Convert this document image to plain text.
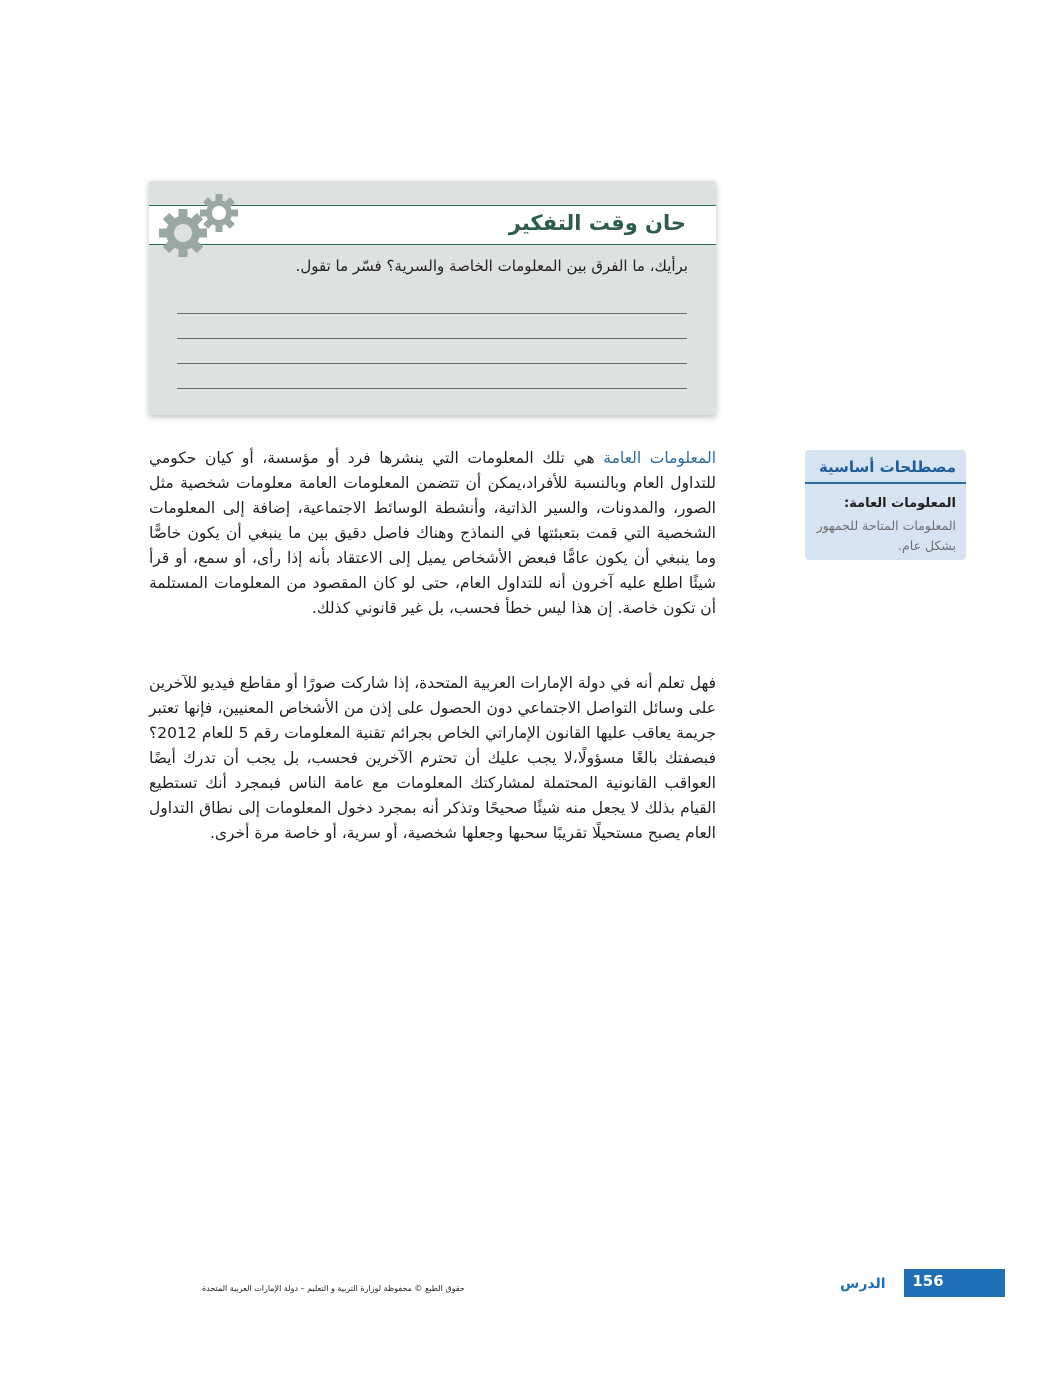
حان وقت التفكير
برأيك، ما الفرق بين المعلومات الخاصة والسرية؟ فسّر ما تقول.

المعلومات العامة هي تلك المعلومات التي ينشرها فرد أو مؤسسة، أو كيان حكومي للتداول العام وبالنسبة للأفراد،يمكن أن تتضمن المعلومات العامة معلومات شخصية مثل الصور، والمدونات، والسير الذاتية، وأنشطة الوسائط الاجتماعية، إضافة إلى المعلومات الشخصية التي قمت بتعبئتها في النماذج وهناك فاصل دقيق بين ما ينبغي أن يكون خاصًّا وما ينبغي أن يكون عامًّا فبعض الأشخاص يميل إلى الاعتقاد بأنه إذا رأى، أو سمع، أو قرأ شيئًا اطلع عليه آخرون أنه للتداول العام، حتى لو كان المقصود من المعلومات المستلمة أن تكون خاصة. إن هذا ليس خطأ فحسب، بل غير قانوني كذلك.

فهل تعلم أنه في دولة الإمارات العربية المتحدة، إذا شاركت صورًا أو مقاطع فيديو للآخرين على وسائل التواصل الاجتماعي دون الحصول على إذن من الأشخاص المعنيين، فإنها تعتبر جريمة يعاقب عليها القانون الإماراتي الخاص بجرائم تقنية المعلومات رقم 5 للعام 2012؟ فبصفتك بالغًا مسؤولًا،لا يجب عليك أن تحترم الآخرين فحسب، بل يجب أن تدرك أيضًا العواقب القانونية المحتملة لمشاركتك المعلومات مع عامة الناس فبمجرد أنك تستطيع القيام بذلك لا يجعل منه شيئًا صحيحًا وتذكر أنه بمجرد دخول المعلومات إلى نطاق التداول العام يصبح مستحيلًا تقريبًا سحبها وجعلها شخصية، أو سرية، أو خاصة مرة أخرى.

مصطلحات أساسية
المعلومات العامة:
المعلومات المتاحة للجمهور بشكل عام.
156
الدرس
حقوق الطبع © محفوظة لوزارة التربية و التعليم – دولة الإمارات العربية المتحدة
